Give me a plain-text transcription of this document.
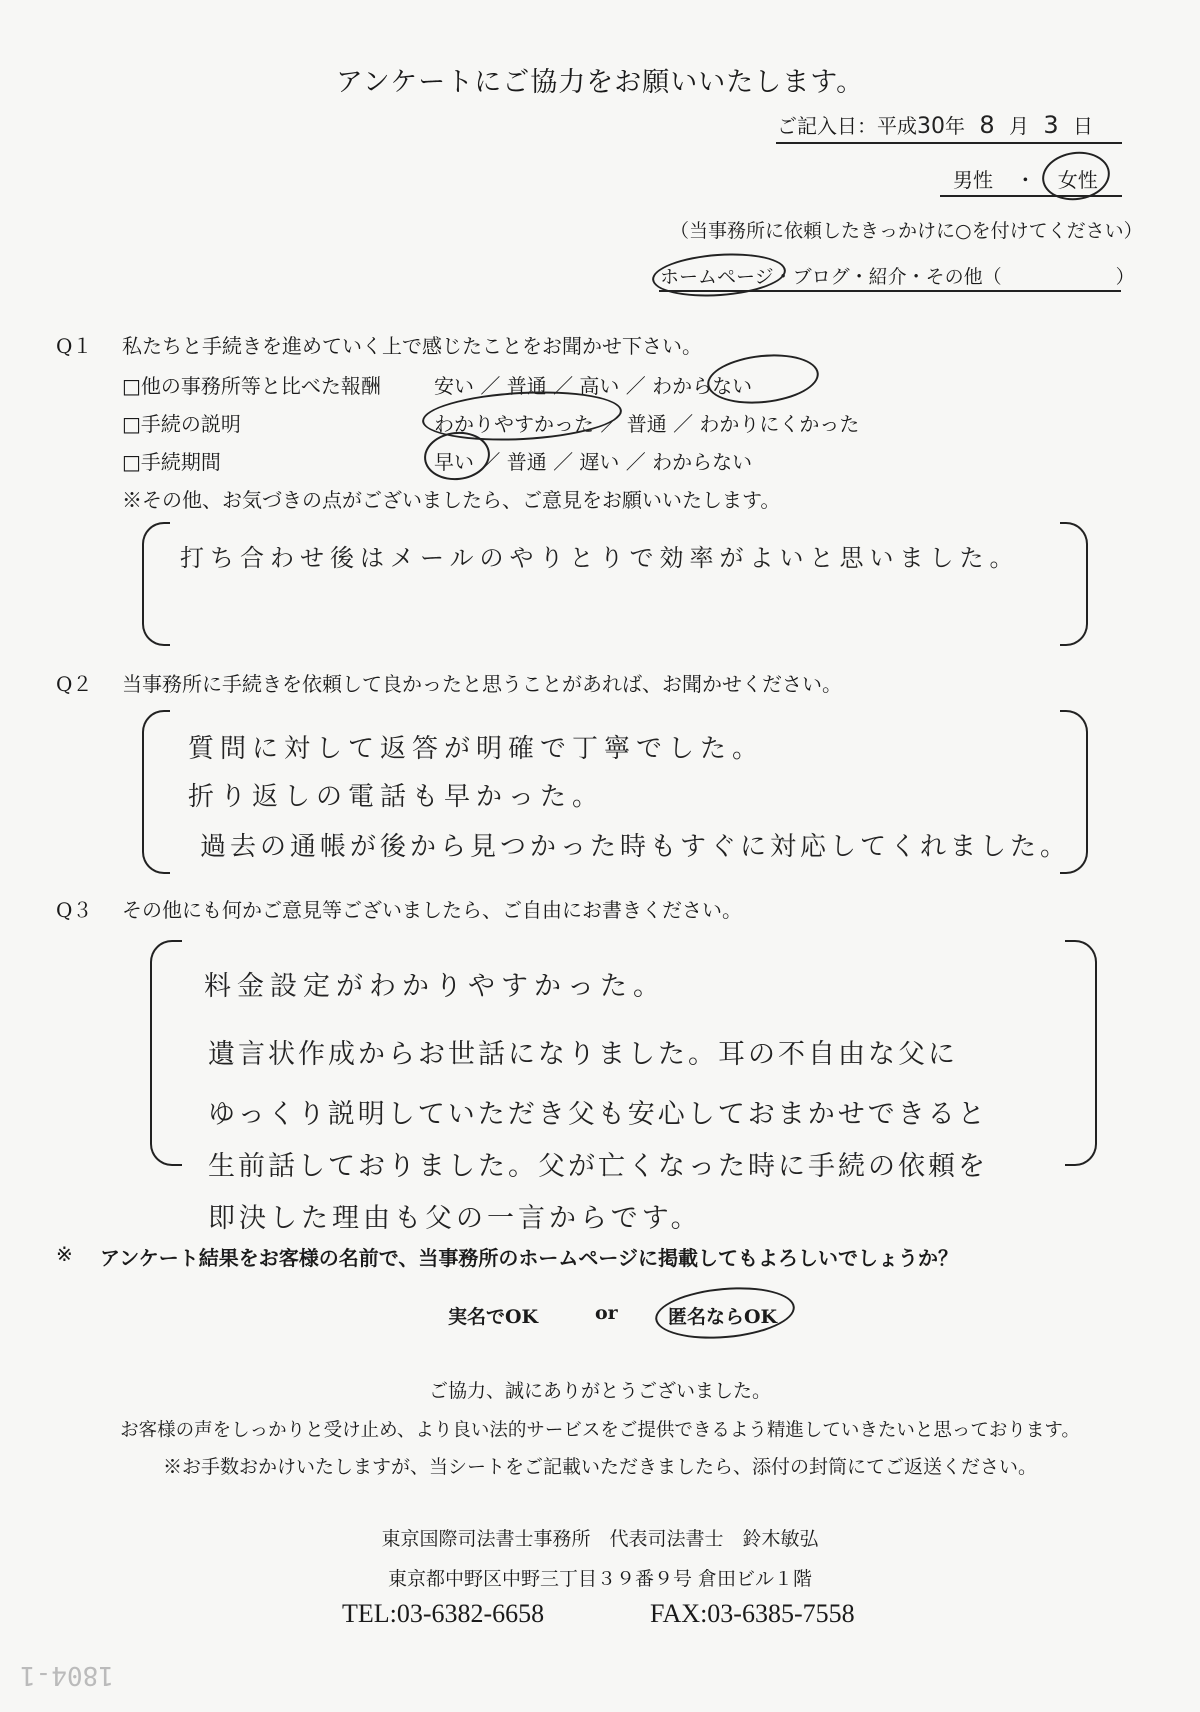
アンケートにご協力をお願いいたします。
ご記入日：平成30年 8 月 3 日
男性 ・ 女性
（当事務所に依頼したきっかけに○を付けてください）
ホームページ・ブログ・紹介・その他（　　　　　　）
Q１ 私たちと手続きを進めていく上で感じたことをお聞かせ下さい。
□他の事務所等と比べた報酬	安い ／ 普通 ／ 高い ／ わからない
□手続の説明	わかりやすかった ／ 普通 ／ わかりにくかった
□手続期間	早い ／ 普通 ／ 遅い ／ わからない
※その他、お気づきの点がございましたら、ご意見をお願いいたします。
打ち合わせ後はメールのやりとりで効率がよいと思いました。
Q２ 当事務所に手続きを依頼して良かったと思うことがあれば、お聞かせください。
質問に対して返答が明確で丁寧でした。
折り返しの電話も早かった。
過去の通帳が後から見つかった時もすぐに対応してくれました。
Q３ その他にも何かご意見等ございましたら、ご自由にお書きください。
料金設定がわかりやすかった。
遺言状作成からお世話になりました。耳の不自由な父に
ゆっくり説明していただき父も安心しておまかせできると
生前話しておりました。父が亡くなった時に手続の依頼を
即決した理由も父の一言からです。
※ アンケート結果をお客様の名前で、当事務所のホームページに掲載してもよろしいでしょうか？
実名でOK	or	匿名ならOK
ご協力、誠にありがとうございました。
お客様の声をしっかりと受け止め、より良い法的サービスをご提供できるよう精進していきたいと思っております。
※お手数おかけいたしますが、当シートをご記載いただきましたら、添付の封筒にてご返送ください。
東京国際司法書士事務所　代表司法書士　鈴木敏弘
東京都中野区中野三丁目３９番９号 倉田ビル１階
TEL:03-6382-6658	FAX:03-6385-7558
1804-1
